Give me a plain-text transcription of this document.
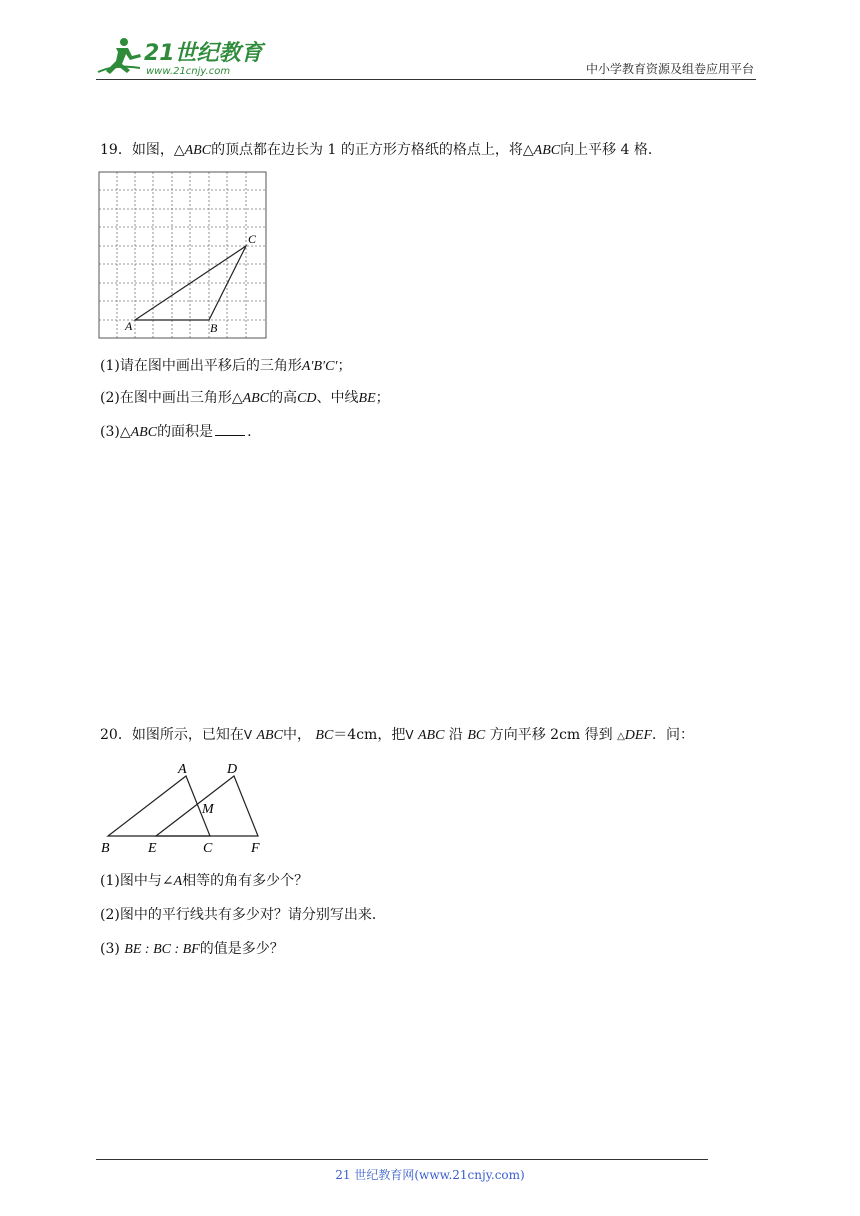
21世纪教育
www.21cnjy.com	中小学教育资源及组卷应用平台
19．如图，△ABC的顶点都在边长为 1 的正方形方格纸的格点上，将△ABC向上平移 4 格．
A	B
C
(1)请在图中画出平移后的三角形A′B′C′；
(2)在图中画出三角形△ABC的高CD、中线BE；
(3)△ABC的面积是 .
20．如图所示，已知在V ABC中， BC＝4cm，把V ABC 沿 BC 方向平移 2cm 得到 △DEF．问：
A	D
M
B	E	C	F
(1)图中与∠A相等的角有多少个？
(2)图中的平行线共有多少对？请分别写出来．
(3) BE : BC : BF的值是多少？
21 世纪教育网(www.21cnjy.com)
